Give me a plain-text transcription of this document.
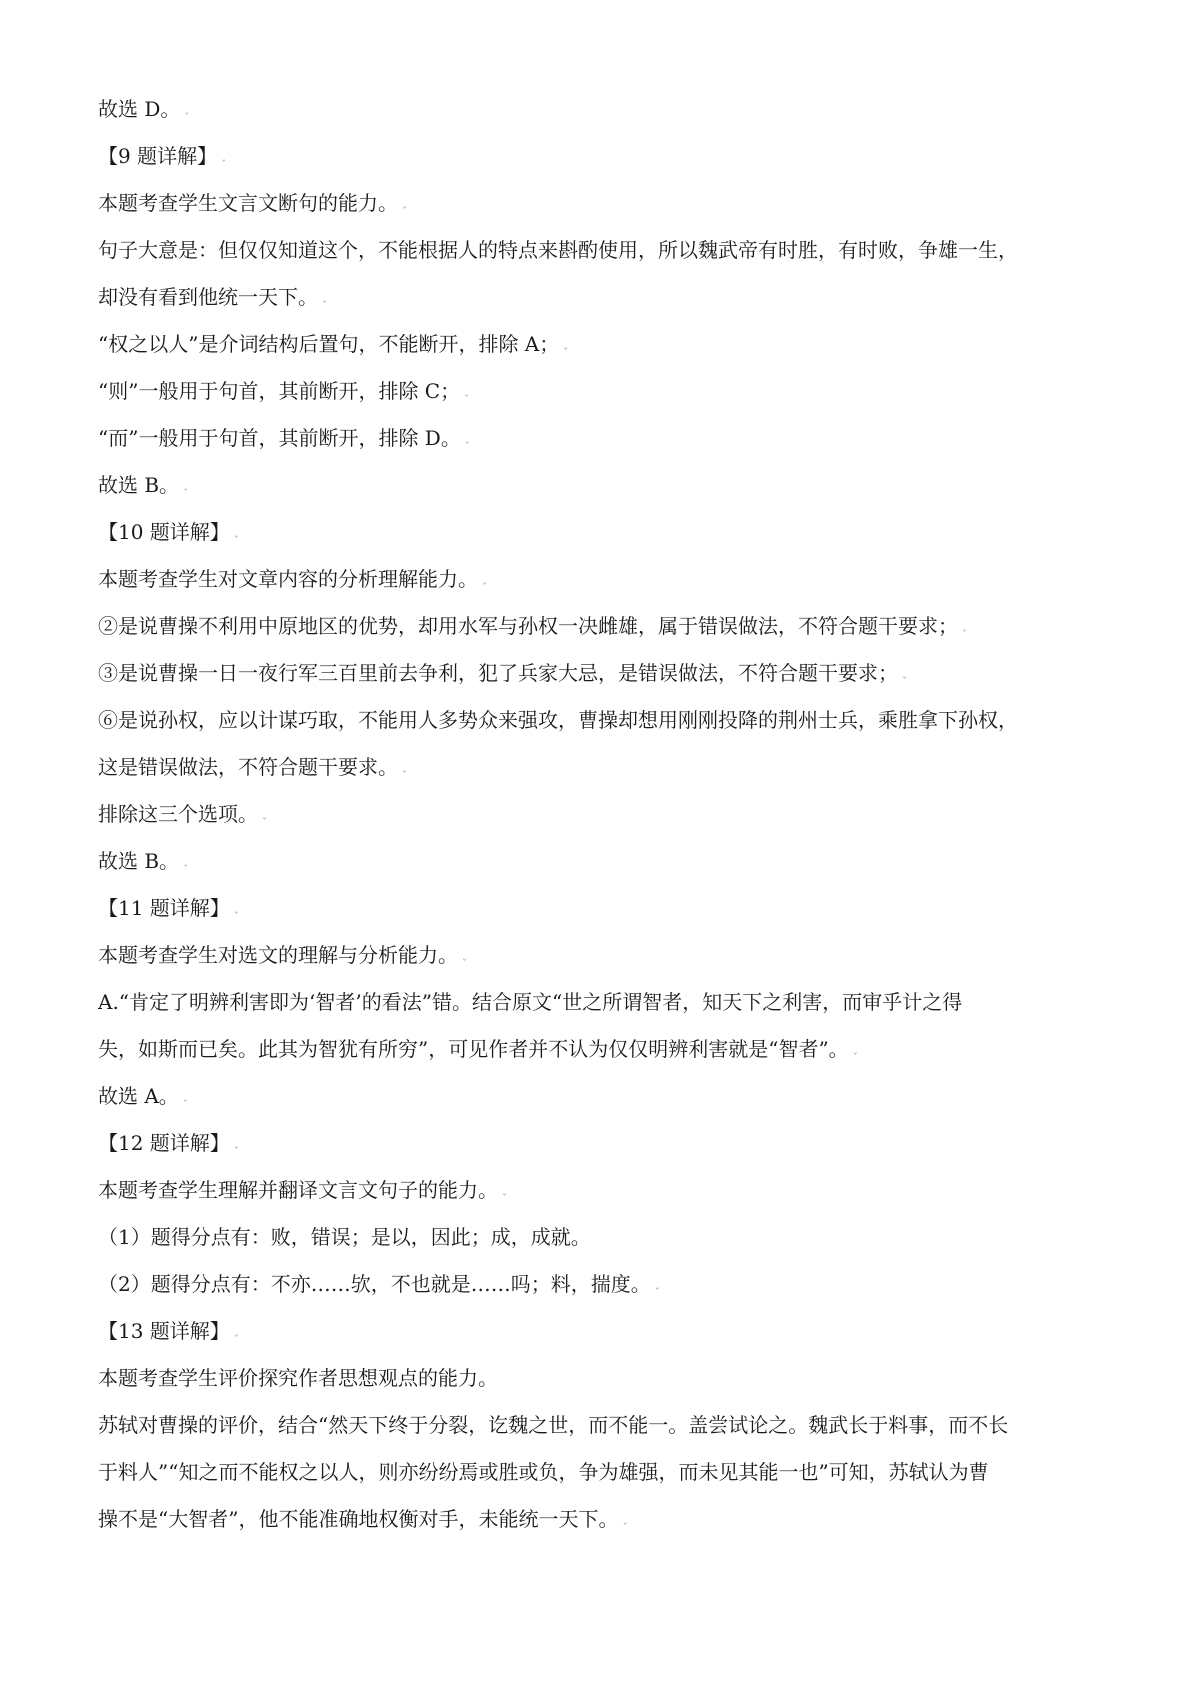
故选 D。 ˇ
【9 题详解】 ˇ
本题考查学生文言文断句的能力。 ˇ
句子大意是：但仅仅知道这个，不能根据人的特点来斟酌使用，所以魏武帝有时胜，有时败，争雄一生，
却没有看到他统一天下。 ˇ
“权之以人”是介词结构后置句，不能断开，排除 A； ˇ
“则”一般用于句首，其前断开，排除 C； ˇ
“而”一般用于句首，其前断开，排除 D。 ˇ
故选 B。 ˇ
【10 题详解】 ˇ
本题考查学生对文章内容的分析理解能力。 ˇ
②是说曹操不利用中原地区的优势，却用水军与孙权一决雌雄，属于错误做法，不符合题干要求； ˇ
③是说曹操一日一夜行军三百里前去争利，犯了兵家大忌，是错误做法，不符合题干要求； ˇ
⑥是说孙权，应以计谋巧取，不能用人多势众来强攻，曹操却想用刚刚投降的荆州士兵，乘胜拿下孙权，
这是错误做法，不符合题干要求。 ˇ
排除这三个选项。 ˇ
故选 B。 ˇ
【11 题详解】 ˇ
本题考查学生对选文的理解与分析能力。 ˇ
A.“肯定了明辨利害即为‘智者’的看法”错。结合原文“世之所谓智者，知天下之利害，而审乎计之得
失，如斯而已矣。此其为智犹有所穷”，可见作者并不认为仅仅明辨利害就是“智者”。 ˇ
故选 A。 ˇ
【12 题详解】 ˇ
本题考查学生理解并翻译文言文句子的能力。 ˇ
（1）题得分点有：败，错误；是以，因此；成，成就。
（2）题得分点有：不亦……欤，不也就是……吗；料，揣度。 ˇ
【13 题详解】 ˇ
本题考查学生评价探究作者思想观点的能力。
苏轼对曹操的评价，结合“然天下终于分裂，讫魏之世，而不能一。盖尝试论之。魏武长于料事，而不长
于料人”“知之而不能权之以人，则亦纷纷焉或胜或负，争为雄强，而未见其能一也”可知，苏轼认为曹
操不是“大智者”，他不能准确地权衡对手，未能统一天下。 ˇ
